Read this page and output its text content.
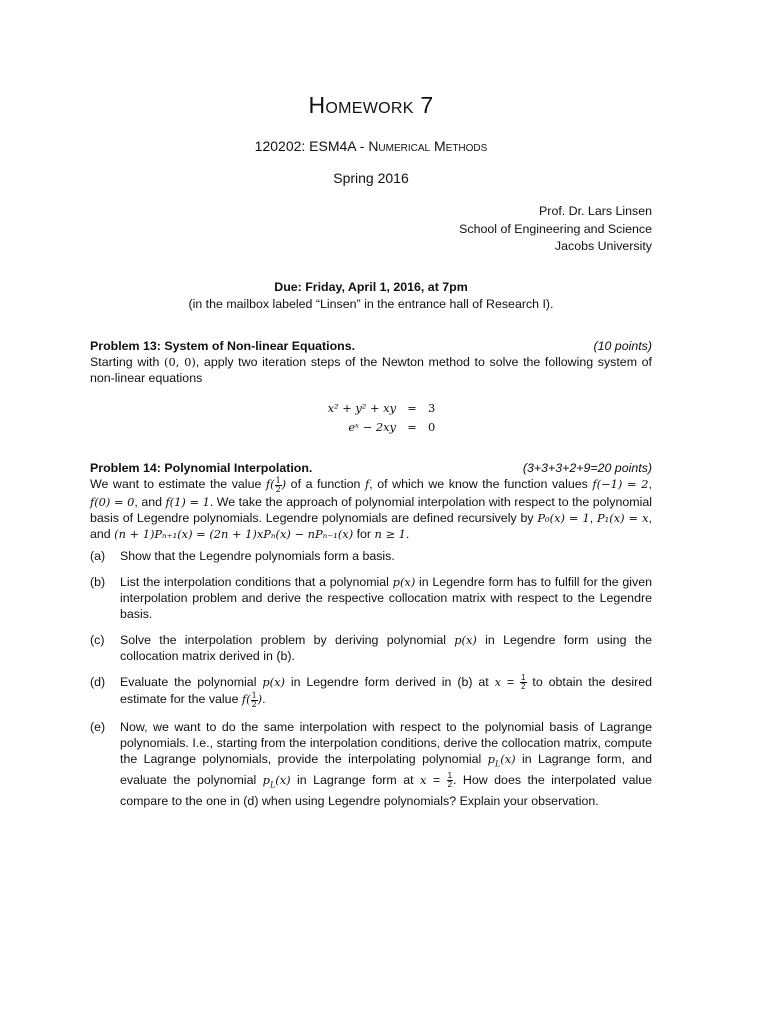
Homework 7
120202: ESM4A - Numerical Methods
Spring 2016
Prof. Dr. Lars Linsen
School of Engineering and Science
Jacobs University
Due: Friday, April 1, 2016, at 7pm
(in the mailbox labeled “Linsen” in the entrance hall of Research I).
Problem 13: System of Non-linear Equations.	(10 points)
Starting with (0, 0), apply two iteration steps of the Newton method to solve the following system of non-linear equations
x² + y² + xy = 3
eˣ − 2xy = 0
Problem 14: Polynomial Interpolation.	(3+3+3+2+9=20 points)
We want to estimate the value $f( \frac{1}{2}$ ) of a function f, of which we know the function values f(−1) = 2, f(0) = 0, and f(1) = 1. We take the approach of polynomial interpolation with respect to the polynomial basis of Legendre polynomials. Legendre polynomials are defined recursively by P₀(x) = 1, P₁(x) = x, and (n + 1)Pₙ₊₁(x) = (2n + 1)xPₙ(x) − nPₙ₋₁(x) for n ≥ 1.
(a)	Show that the Legendre polynomials form a basis.
(b)	List the interpolation conditions that a polynomial p(x) in Legendre form has to fulfill for the given interpolation problem and derive the respective collocation matrix with respect to the Legendre basis.
(c)	Solve the interpolation problem by deriving polynomial p(x) in Legendre form using the collocation matrix derived in (b).
(d)	Evaluate the polynomial p(x) in Legendre form derived in (b) at $x = \frac{1}{2}$ to obtain the desired estimate for the value $f( \frac{1}{2}$ ).
(e)	Now, we want to do the same interpolation with respect to the polynomial basis of Lagrange polynomials. I.e., starting from the interpolation conditions, derive the collocation matrix, compute the Lagrange polynomials, provide the interpolating polynomial $p_L(x)$ in Lagrange form, and evaluate the polynomial $p_L(x)$ in Lagrange form at $x = \frac{1}{2}$ . How does the interpolated value compare to the one in (d) when using Legendre polynomials? Explain your observation.
